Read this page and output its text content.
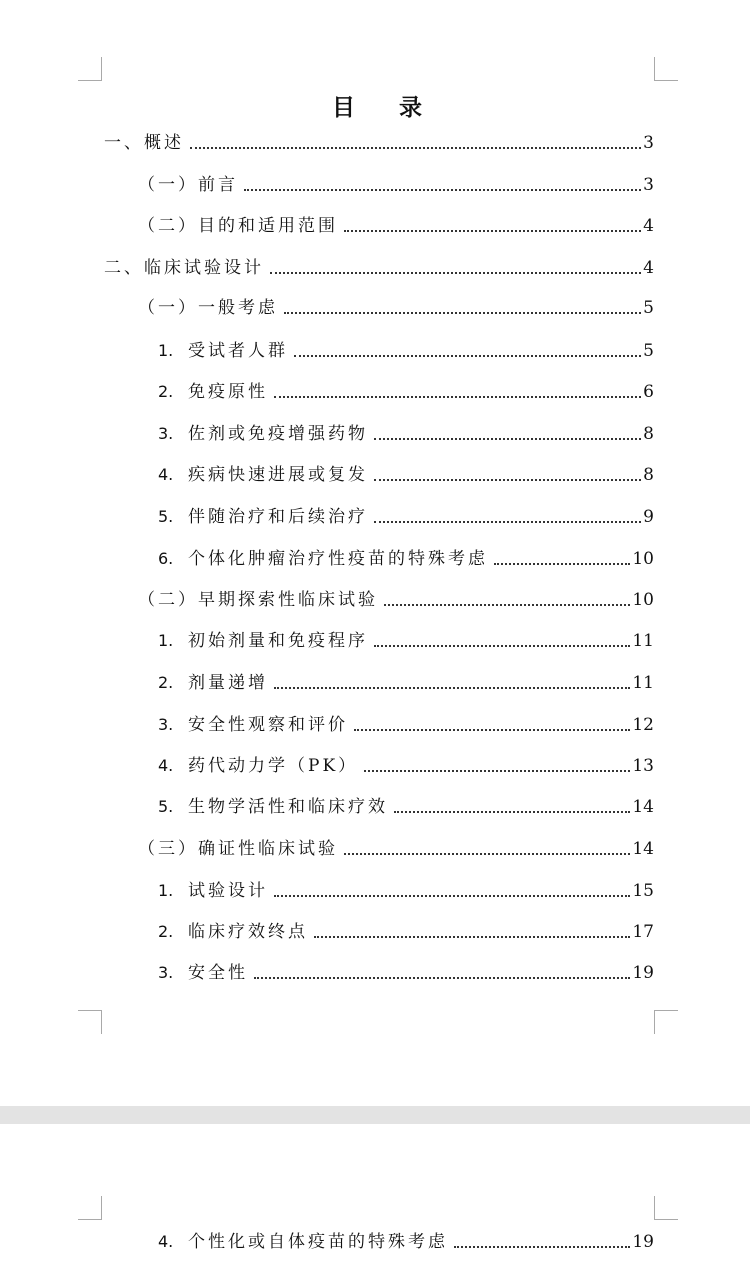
目 录
一、概述	3
（一）前言	3
（二）目的和适用范围	4
二、临床试验设计	4
（一）一般考虑	5
1. 受试者人群	5
2. 免疫原性	6
3. 佐剂或免疫增强药物	8
4. 疾病快速进展或复发	8
5. 伴随治疗和后续治疗	9
6. 个体化肿瘤治疗性疫苗的特殊考虑	10
（二）早期探索性临床试验	10
1. 初始剂量和免疫程序	11
2. 剂量递增	11
3. 安全性观察和评价	12
4. 药代动力学（PK）	13
5. 生物学活性和临床疗效	14
（三）确证性临床试验	14
1. 试验设计	15
2. 临床疗效终点	17
3. 安全性	19
4. 个性化或自体疫苗的特殊考虑	19
